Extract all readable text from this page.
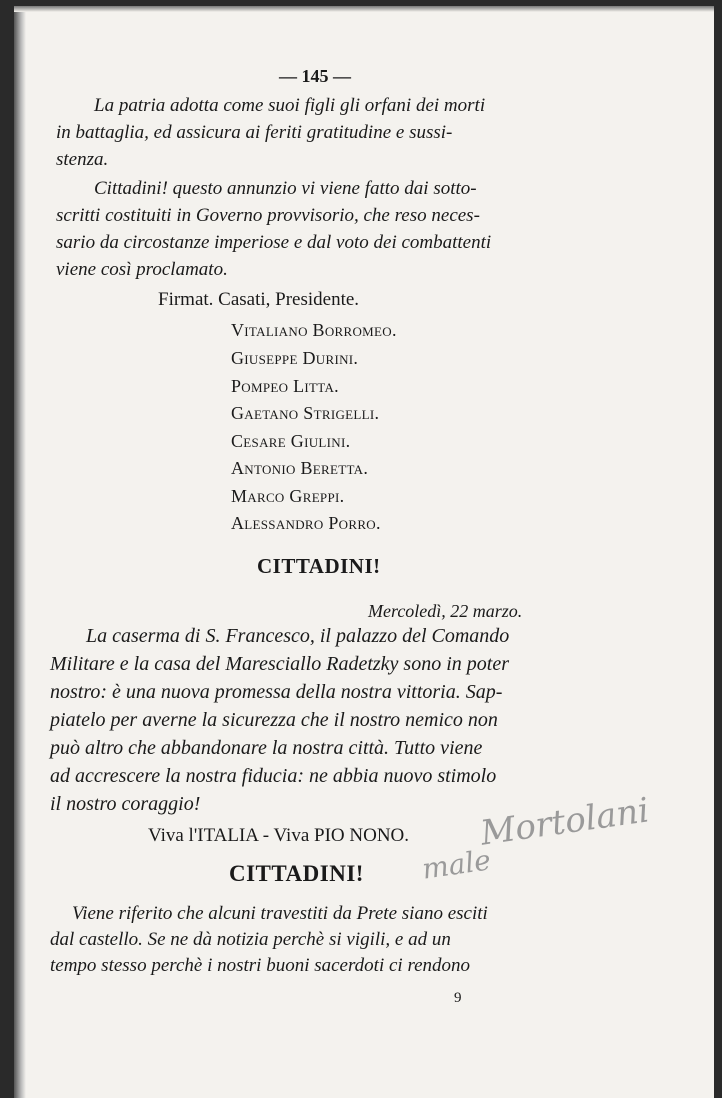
— 145 —
La patria adotta come suoi figli gli orfani dei morti
in battaglia, ed assicura ai feriti gratitudine e sussi-
stenza.
Cittadini! questo annunzio vi viene fatto dai sotto-
scritti costituiti in Governo provvisorio, che reso neces-
sario da circostanze imperiose e dal voto dei combattenti
viene così proclamato.
Firmat. Casati, Presidente.
Vitaliano Borromeo.
Giuseppe Durini.
Pompeo Litta.
Gaetano Strigelli.
Cesare Giulini.
Antonio Beretta.
Marco Greppi.
Alessandro Porro.
CITTADINI!
Mercoledì, 22 marzo.
La caserma di S. Francesco, il palazzo del Comando
Militare e la casa del Maresciallo Radetzky sono in poter
nostro: è una nuova promessa della nostra vittoria. Sap-
piatelo per averne la sicurezza che il nostro nemico non
può altro che abbandonare la nostra città. Tutto viene
ad accrescere la nostra fiducia: ne abbia nuovo stimolo
il nostro coraggio!
Viva l'ITALIA - Viva PIO NONO.
CITTADINI!
Viene riferito che alcuni travestiti da Prete siano esciti
dal castello. Se ne dà notizia perchè si vigili, e ad un
tempo stesso perchè i nostri buoni sacerdoti ci rendono
9
Mortolani
male
